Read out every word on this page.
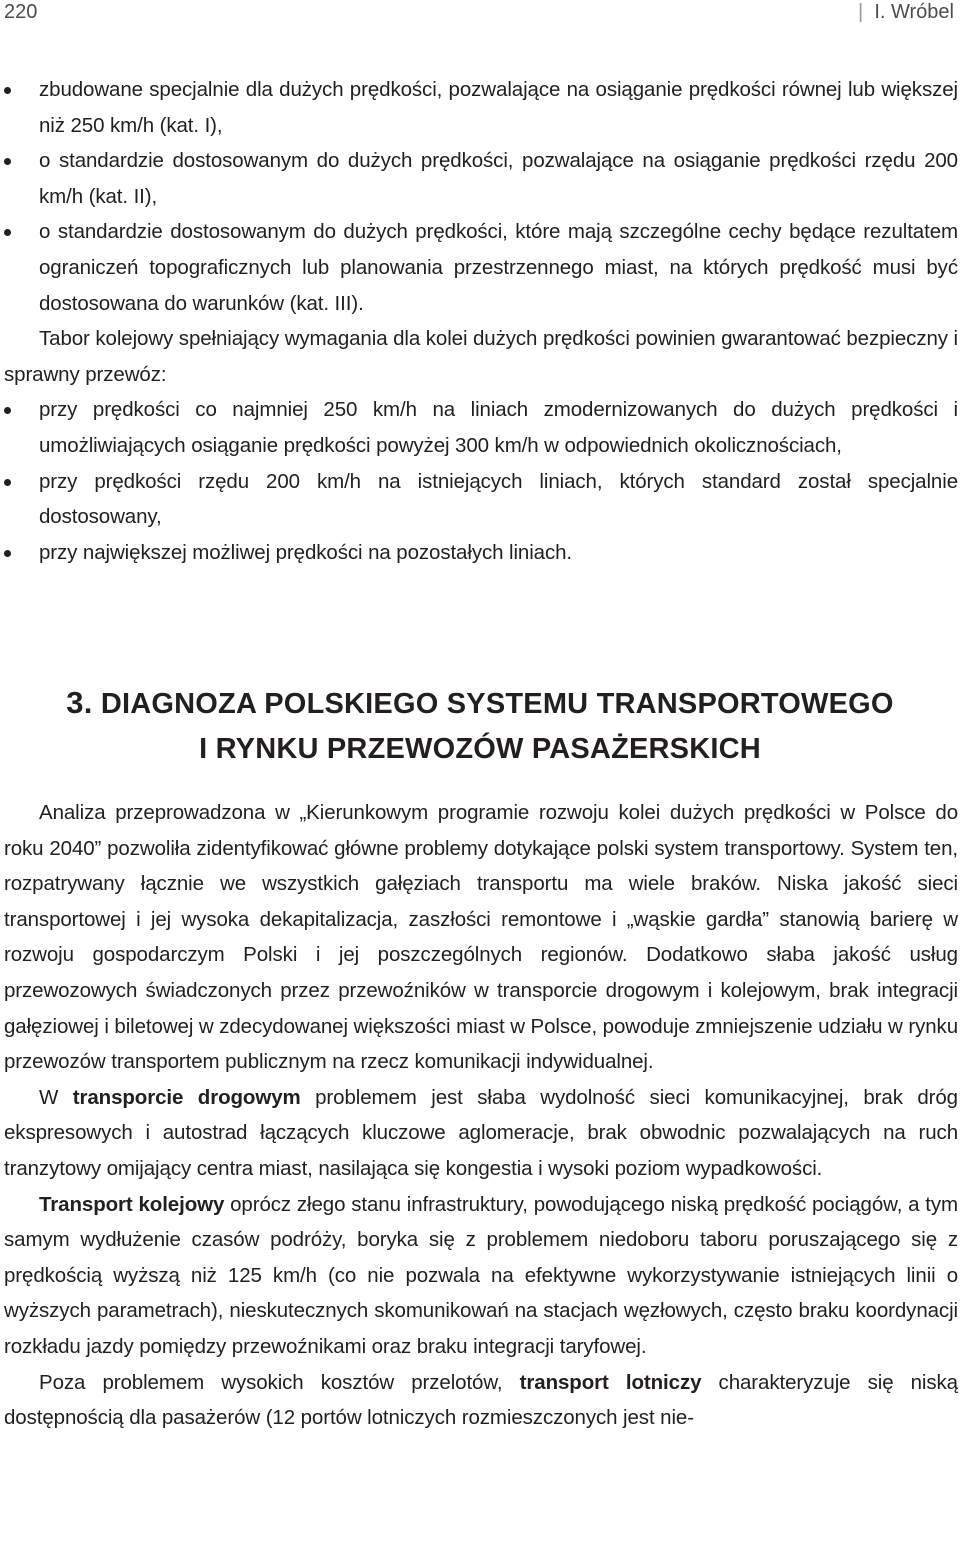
220	| I. Wróbel
zbudowane specjalnie dla dużych prędkości, pozwalające na osiąganie prędkości równej lub większej niż 250 km/h (kat. I),
o standardzie dostosowanym do dużych prędkości, pozwalające na osiąganie prędkości rzędu 200 km/h (kat. II),
o standardzie dostosowanym do dużych prędkości, które mają szczególne cechy będące rezultatem ograniczeń topograficznych lub planowania przestrzennego miast, na których prędkość musi być dostosowana do warunków (kat. III).

Tabor kolejowy spełniający wymagania dla kolei dużych prędkości powinien gwarantować bezpieczny i sprawny przewóz:

przy prędkości co najmniej 250 km/h na liniach zmodernizowanych do dużych prędkości i umożliwiających osiąganie prędkości powyżej 300 km/h w odpowiednich okolicznościach,
przy prędkości rzędu 200 km/h na istniejących liniach, których standard został specjalnie dostosowany,
przy największej możliwej prędkości na pozostałych liniach.
3. DIAGNOZA POLSKIEGO SYSTEMU TRANSPORTOWEGO
I RYNKU PRZEWOZÓW PASAŻERSKICH

Analiza przeprowadzona w „Kierunkowym programie rozwoju kolei dużych prędkości w Polsce do roku 2040” pozwoliła zidentyfikować główne problemy dotykające polski system transportowy. System ten, rozpatrywany łącznie we wszystkich gałęziach transportu ma wiele braków. Niska jakość sieci transportowej i jej wysoka dekapitalizacja, zaszłości remontowe i „wąskie gardła” stanowią barierę w rozwoju gospodarczym Polski i jej poszczególnych regionów. Dodatkowo słaba jakość usług przewozowych świadczonych przez przewoźników w transporcie drogowym i kolejowym, brak integracji gałęziowej i biletowej w zdecydowanej większości miast w Polsce, powoduje zmniejszenie udziału w rynku przewozów transportem publicznym na rzecz komunikacji indywidualnej.

W transporcie drogowym problemem jest słaba wydolność sieci komunikacyjnej, brak dróg ekspresowych i autostrad łączących kluczowe aglomeracje, brak obwodnic pozwalających na ruch tranzytowy omijający centra miast, nasilająca się kongestia i wysoki poziom wypadkowości.

Transport kolejowy oprócz złego stanu infrastruktury, powodującego niską prędkość pociągów, a tym samym wydłużenie czasów podróży, boryka się z problemem niedoboru taboru poruszającego się z prędkością wyższą niż 125 km/h (co nie pozwala na efektywne wykorzystywanie istniejących linii o wyższych parametrach), nieskutecznych skomunikowań na stacjach węzłowych, często braku koordynacji rozkładu jazdy pomiędzy przewoźnikami oraz braku integracji taryfowej.

Poza problemem wysokich kosztów przelotów, transport lotniczy charakteryzuje się niską dostępnością dla pasażerów (12 portów lotniczych rozmieszczonych jest nie-
